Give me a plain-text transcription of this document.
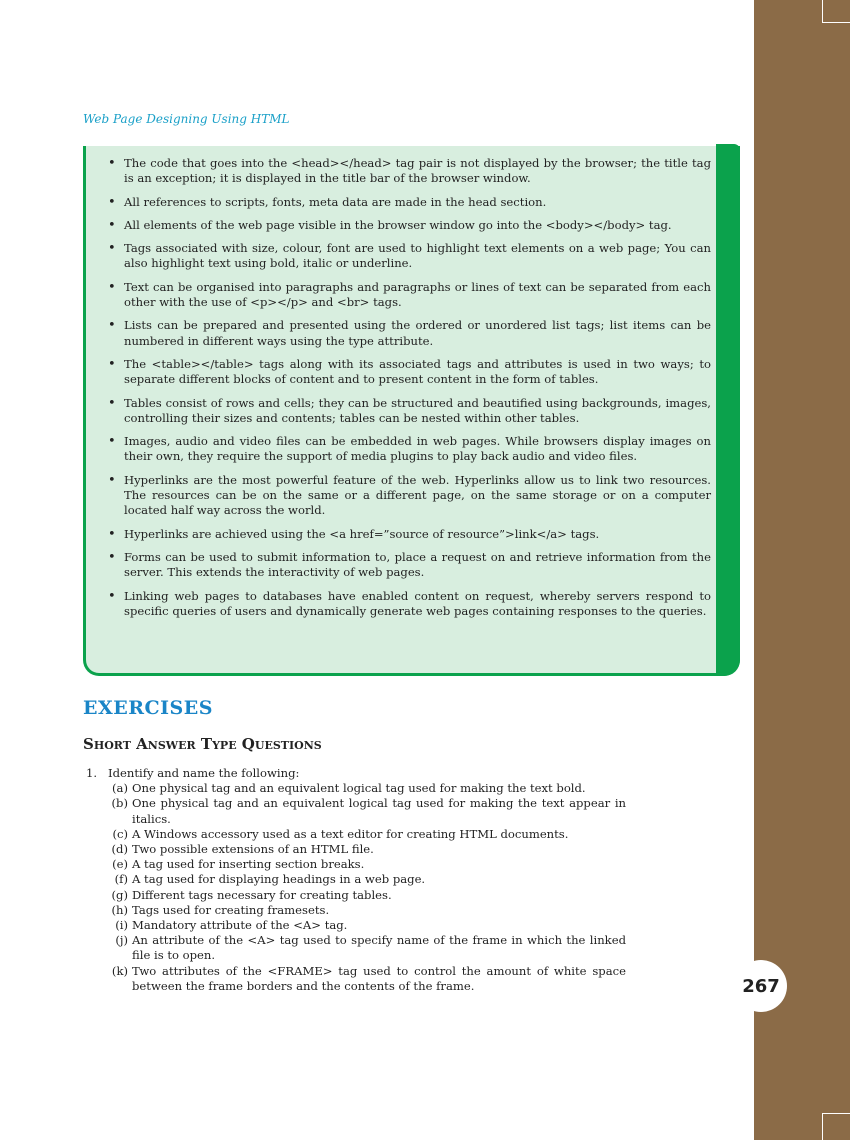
267
Web Page Designing Using HTML
• The code that goes into the <head></head> tag pair is not displayed by the browser; the title tag is an exception; it is displayed in the title bar of the browser window.
• All references to scripts, fonts, meta data are made in the head section.
• All elements of the web page visible in the browser window go into the <body></body> tag.
• Tags associated with size, colour, font are used to highlight text elements on a web page; You can also highlight text using bold, italic or underline.
• Text can be organised into paragraphs and paragraphs or lines of text can be separated from each other with the use of <p></p> and <br> tags.
• Lists can be prepared and presented using the ordered or unordered list tags; list items can be numbered in different ways using the type attribute.
• The <table></table> tags along with its associated tags and attributes is used in two ways; to separate different blocks of content and to present content in the form of tables.
• Tables consist of rows and cells; they can be structured and beautified using backgrounds, images, controlling their sizes and contents; tables can be nested within other tables.
• Images, audio and video files can be embedded in web pages. While browsers display images on their own, they require the support of media plugins to play back audio and video files.
• Hyperlinks are the most powerful feature of the web. Hyperlinks allow us to link two resources. The resources can be on the same or a different page, on the same storage or on a computer located half way across the world.
• Hyperlinks are achieved using the <a href=”source of resource”>link</a> tags.
• Forms can be used to submit information to, place a request on and retrieve information from the server. This extends the interactivity of web pages.
• Linking web pages to databases have enabled content on request, whereby servers respond to specific queries of users and dynamically generate web pages containing responses to the queries.
EXERCISES
Short Answer Type Questions
1. Identify and name the following:
(a) One physical tag and an equivalent logical tag used for making the text bold.
(b) One physical tag and an equivalent logical tag used for making the text appear in italics.
(c) A Windows accessory used as a text editor for creating HTML documents.
(d) Two possible extensions of an HTML file.
(e) A tag used for inserting section breaks.
(f) A tag used for displaying headings in a web page.
(g) Different tags necessary for creating tables.
(h) Tags used for creating framesets.
(i) Mandatory attribute of the <A> tag.
(j) An attribute of the <A> tag used to specify name of the frame in which the linked file is to open.
(k) Two attributes of the <FRAME> tag used to control the amount of white space between the frame borders and the contents of the frame.
